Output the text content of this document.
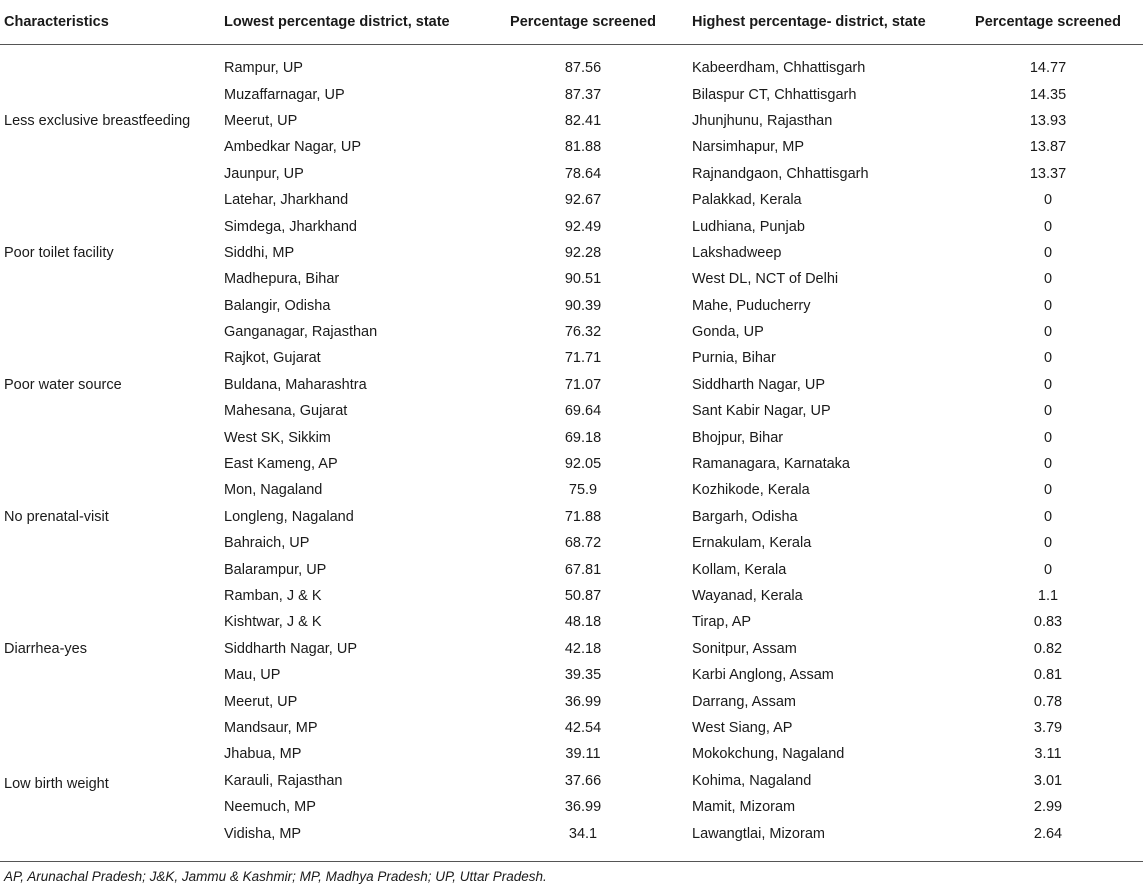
Characteristics	Lowest percentage district, state	Percentage screened	Highest percentage- district, state	Percentage screened

Less exclusive breastfeeding	Rampur, UP	87.56	Kabeerdham, Chhattisgarh	14.77
	Muzaffarnagar, UP	87.37	Bilaspur CT, Chhattisgarh	14.35
	Meerut, UP	82.41	Jhunjhunu, Rajasthan	13.93
	Ambedkar Nagar, UP	81.88	Narsimhapur, MP	13.87
	Jaunpur, UP	78.64	Rajnandgaon, Chhattisgarh	13.37
Poor toilet facility	Latehar, Jharkhand	92.67	Palakkad, Kerala	0
	Simdega, Jharkhand	92.49	Ludhiana, Punjab	0
	Siddhi, MP	92.28	Lakshadweep	0
	Madhepura, Bihar	90.51	West DL, NCT of Delhi	0
	Balangir, Odisha	90.39	Mahe, Puducherry	0
Poor water source	Ganganagar, Rajasthan	76.32	Gonda, UP	0
	Rajkot, Gujarat	71.71	Purnia, Bihar	0
	Buldana, Maharashtra	71.07	Siddharth Nagar, UP	0
	Mahesana, Gujarat	69.64	Sant Kabir Nagar, UP	0
	West SK, Sikkim	69.18	Bhojpur, Bihar	0
No prenatal-visit	East Kameng, AP	92.05	Ramanagara, Karnataka	0
	Mon, Nagaland	75.9	Kozhikode, Kerala	0
	Longleng, Nagaland	71.88	Bargarh, Odisha	0
	Bahraich, UP	68.72	Ernakulam, Kerala	0
	Balarampur, UP	67.81	Kollam, Kerala	0
Diarrhea-yes	Ramban, J & K	50.87	Wayanad, Kerala	1.1
	Kishtwar, J & K	48.18	Tirap, AP	0.83
	Siddharth Nagar, UP	42.18	Sonitpur, Assam	0.82
	Mau, UP	39.35	Karbi Anglong, Assam	0.81
	Meerut, UP	36.99	Darrang, Assam	0.78
Low birth weight	Mandsaur, MP	42.54	West Siang, AP	3.79
	Jhabua, MP	39.11	Mokokchung, Nagaland	3.11
	Karauli, Rajasthan	37.66	Kohima, Nagaland	3.01
	Neemuch, MP	36.99	Mamit, Mizoram	2.99
	Vidisha, MP	34.1	Lawangtlai, Mizoram	2.64
AP, Arunachal Pradesh; J&K, Jammu & Kashmir; MP, Madhya Pradesh; UP, Uttar Pradesh.
